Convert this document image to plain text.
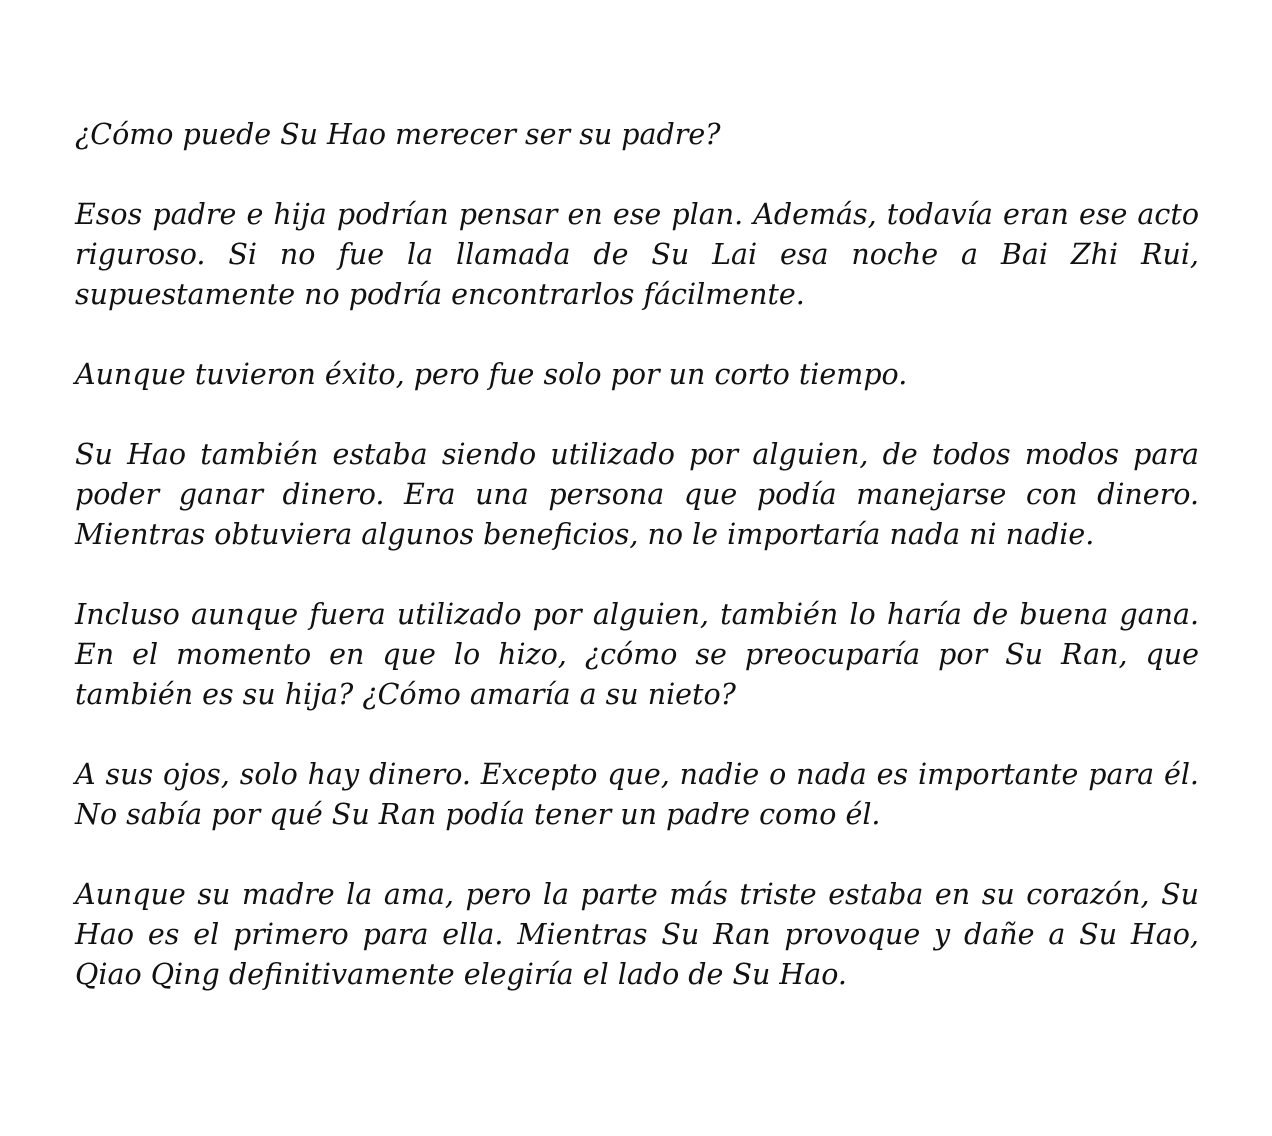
¿Cómo puede Su Hao merecer ser su padre?

Esos padre e hija podrían pensar en ese plan. Además, todavía eran ese acto riguroso. Si no fue la llamada de Su Lai esa noche a Bai Zhi Rui, supuestamente no podría encontrarlos fácilmente.

Aunque tuvieron éxito, pero fue solo por un corto tiempo.

Su Hao también estaba siendo utilizado por alguien, de todos modos para poder ganar dinero. Era una persona que podía manejarse con dinero. Mientras obtuviera algunos beneficios, no le importaría nada ni nadie.

Incluso aunque fuera utilizado por alguien, también lo haría de buena gana. En el momento en que lo hizo, ¿cómo se preocuparía por Su Ran, que también es su hija? ¿Cómo amaría a su nieto?

A sus ojos, solo hay dinero. Excepto que, nadie o nada es importante para él. No sabía por qué Su Ran podía tener un padre como él.

Aunque su madre la ama, pero la parte más triste estaba en su corazón, Su Hao es el primero para ella. Mientras Su Ran provoque y dañe a Su Hao, Qiao Qing definitivamente elegiría el lado de Su Hao.
